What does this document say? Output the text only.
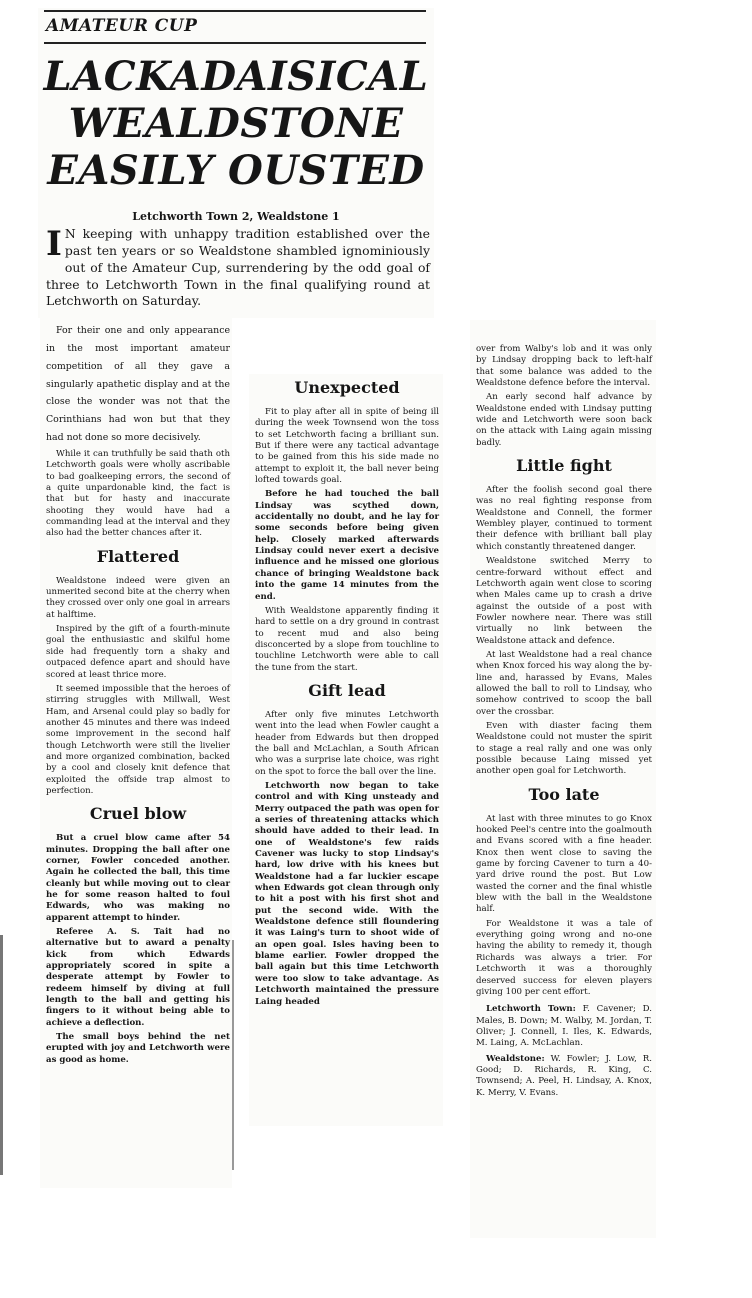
AMATEUR CUP
LACKADAISICAL
WEALDSTONE
EASILY OUSTED
Letchworth Town 2, Wealdstone 1
I N keeping with unhappy tradition established over the past ten years or so Wealdstone shambled ignominiously out of the Amateur Cup, surrendering by the odd goal of three to Letchworth Town in the final qualifying round at Letchworth on Saturday.

For their one and only appearance in the most important amateur competition of all they gave a singularly apathetic display and at the close the wonder was not that the Corinthians had won but that they had not done so more decisively.

While it can truthfully be said thath oth Letchworth goals were wholly ascribable to bad goalkeeping errors, the second of a quite unpardonable kind, the fact is that but for hasty and inaccurate shooting they would have had a commanding lead at the interval and they also had the better chances after it.

Flattered

Wealdstone indeed were given an unmerited second bite at the cherry when they crossed over only one goal in arrears at halftime.

Inspired by the gift of a fourth-minute goal the enthusiastic and skilful home side had frequently torn a shaky and outpaced defence apart and should have scored at least thrice more.

It seemed impossible that the heroes of stirring struggles with Millwall, West Ham, and Arsenal could play so badly for another 45 minutes and there was indeed some improvement in the second half though Letchworth were still the livelier and more organized combination, backed by a cool and closely knit defence that exploited the offside trap almost to perfection.

Cruel blow

But a cruel blow came after 54 minutes. Dropping the ball after one corner, Fowler conceded another. Again he collected the ball, this time cleanly but while moving out to clear he for some reason halted to foul Edwards, who was making no apparent attempt to hinder.

Referee A. S. Tait had no alternative but to award a penalty kick from which Edwards appropriately scored in spite a desperate attempt by Fowler to redeem himself by diving at full length to the ball and getting his fingers to it without being able to achieve a deflection.

The small boys behind the net erupted with joy and Letchworth were as good as home.

Unexpected

Fit to play after all in spite of being ill during the week Townsend won the toss to set Letchworth facing a brilliant sun. But if there were any tactical advantage to be gained from this his side made no attempt to exploit it, the ball never being lofted towards goal.

Before he had touched the ball Lindsay was scythed down, accidentally no doubt, and he lay for some seconds before being given help. Closely marked afterwards Lindsay could never exert a decisive influence and he missed one glorious chance of bringing Wealdstone back into the game 14 minutes from the end.

With Wealdstone apparently finding it hard to settle on a dry ground in contrast to recent mud and also being disconcerted by a slope from touchline to touchline Letchworth were able to call the tune from the start.

Gift lead

After only five minutes Letchworth went into the lead when Fowler caught a header from Edwards but then dropped the ball and McLachlan, a South African who was a surprise late choice, was right on the spot to force the ball over the line.

Letchworth now began to take control and with King unsteady and Merry outpaced the path was open for a series of threatening attacks which should have added to their lead. In one of Wealdstone's few raids Cavener was lucky to stop Lindsay's hard, low drive with his knees but Wealdstone had a far luckier escape when Edwards got clean through only to hit a post with his first shot and put the second wide. With the Wealdstone defence still floundering it was Laing's turn to shoot wide of an open goal. Isles having been to blame earlier. Fowler dropped the ball again but this time Letchworth were too slow to take advantage. As Letchworth maintained the pressure Laing headed

over from Walby's lob and it was only by Lindsay dropping back to left-half that some balance was added to the Wealdstone defence before the interval.

An early second half advance by Wealdstone ended with Lindsay putting wide and Letchworth were soon back on the attack with Laing again missing badly.

Little fight

After the foolish second goal there was no real fighting response from Wealdstone and Connell, the former Wembley player, continued to torment their defence with brilliant ball play which constantly threatened danger.

Wealdstone switched Merry to centre-forward without effect and Letchworth again went close to scoring when Males came up to crash a drive against the outside of a post with Fowler nowhere near. There was still virtually no link between the Wealdstone attack and defence.

At last Wealdstone had a real chance when Knox forced his way along the by-line and, harassed by Evans, Males allowed the ball to roll to Lindsay, who somehow contrived to scoop the ball over the crossbar.

Even with diaster facing them Wealdstone could not muster the spirit to stage a real rally and one was only possible because Laing missed yet another open goal for Letchworth.

Too late

At last with three minutes to go Knox hooked Peel's centre into the goalmouth and Evans scored with a fine header. Knox then went close to saving the game by forcing Cavener to turn a 40-yard drive round the post. But Low wasted the corner and the final whistle blew with the ball in the Wealdstone half.

For Wealdstone it was a tale of everything going wrong and no-one having the ability to remedy it, though Richards was always a trier. For Letchworth it was a thoroughly deserved success for eleven players giving 100 per cent effort.

Letchworth Town: F. Cavener; D. Males, B. Down; M. Walby, M. Jordan, T. Oliver; J. Connell, I. Iles, K. Edwards, M. Laing, A. McLachlan.

Wealdstone: W. Fowler; J. Low, R. Good; D. Richards, R. King, C. Townsend; A. Peel, H. Lindsay, A. Knox, K. Merry, V. Evans.
